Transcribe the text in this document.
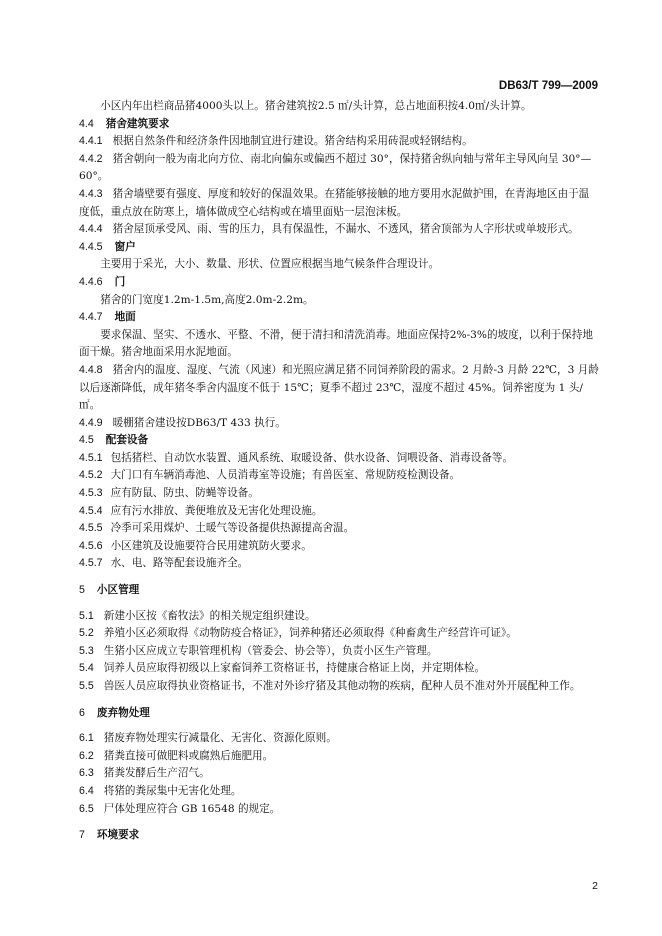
DB63/T 799—2009

小区内年出栏商品猪4000头以上。猪舍建筑按2.5 ㎡/头计算，总占地面积按4.0㎡/头计算。

4.4 猪舍建筑要求

4.4.1 根据自然条件和经济条件因地制宜进行建设。猪舍结构采用砖混或轻钢结构。

4.4.2 猪舍朝向一般为南北向方位、南北向偏东或偏西不超过 30°，保持猪舍纵向轴与常年主导风向呈 30°—60°。

4.4.3 猪舍墙壁要有强度、厚度和较好的保温效果。在猪能够接触的地方要用水泥做护围，在青海地区由于温度低，重点放在防寒上，墙体做成空心结构或在墙里面贴一层泡沫板。

4.4.4 猪舍屋顶承受风、雨、雪的压力，具有保温性，不漏水、不透风，猪舍顶部为人字形状或单坡形式。

4.4.5 窗户

主要用于采光，大小、数量、形状、位置应根据当地气候条件合理设计。

4.4.6 门

猪舍的门宽度1.2m-1.5m,高度2.0m-2.2m。

4.4.7 地面

要求保温、坚实、不透水、平整、不滑，便于清扫和清洗消毒。地面应保持2%-3%的坡度，以利于保持地面干燥。猪舍地面采用水泥地面。

4.4.8 猪舍内的温度、湿度、气流（风速）和光照应满足猪不同饲养阶段的需求。2 月龄-3 月龄 22℃，3 月龄以后逐渐降低，成年猪冬季舍内温度不低于 15℃；夏季不超过 23℃，湿度不超过 45%。饲养密度为 1 头/㎡。

4.4.9 暖棚猪舍建设按DB63/T 433 执行。

4.5 配套设备

4.5.1 包括猪栏、自动饮水装置、通风系统、取暖设备、供水设备、饲喂设备、消毒设备等。

4.5.2 大门口有车辆消毒池、人员消毒室等设施；有兽医室、常规防疫检测设备。

4.5.3 应有防鼠、防虫、防蝇等设备。

4.5.4 应有污水排放、粪便堆放及无害化处理设施。

4.5.5 冷季可采用煤炉、土暖气等设备提供热源提高舍温。

4.5.6 小区建筑及设施要符合民用建筑防火要求。

4.5.7 水、电、路等配套设施齐全。

5 小区管理

5.1 新建小区按《畜牧法》的相关规定组织建设。

5.2 养殖小区必须取得《动物防疫合格证》，饲养种猪还必须取得《种畜禽生产经营许可证》。

5.3 生猪小区应成立专职管理机构（管委会、协会等），负责小区生产管理。

5.4 饲养人员应取得初级以上家畜饲养工资格证书，持健康合格证上岗，并定期体检。

5.5 兽医人员应取得执业资格证书，不准对外诊疗猪及其他动物的疾病，配种人员不准对外开展配种工作。

6 废弃物处理

6.1 猪废弃物处理实行减量化、无害化、资源化原则。

6.2 猪粪直接可做肥料或腐熟后施肥用。

6.3 猪粪发酵后生产沼气。

6.4 将猪的粪尿集中无害化处理。

6.5 尸体处理应符合 GB 16548 的规定。

7 环境要求

2
